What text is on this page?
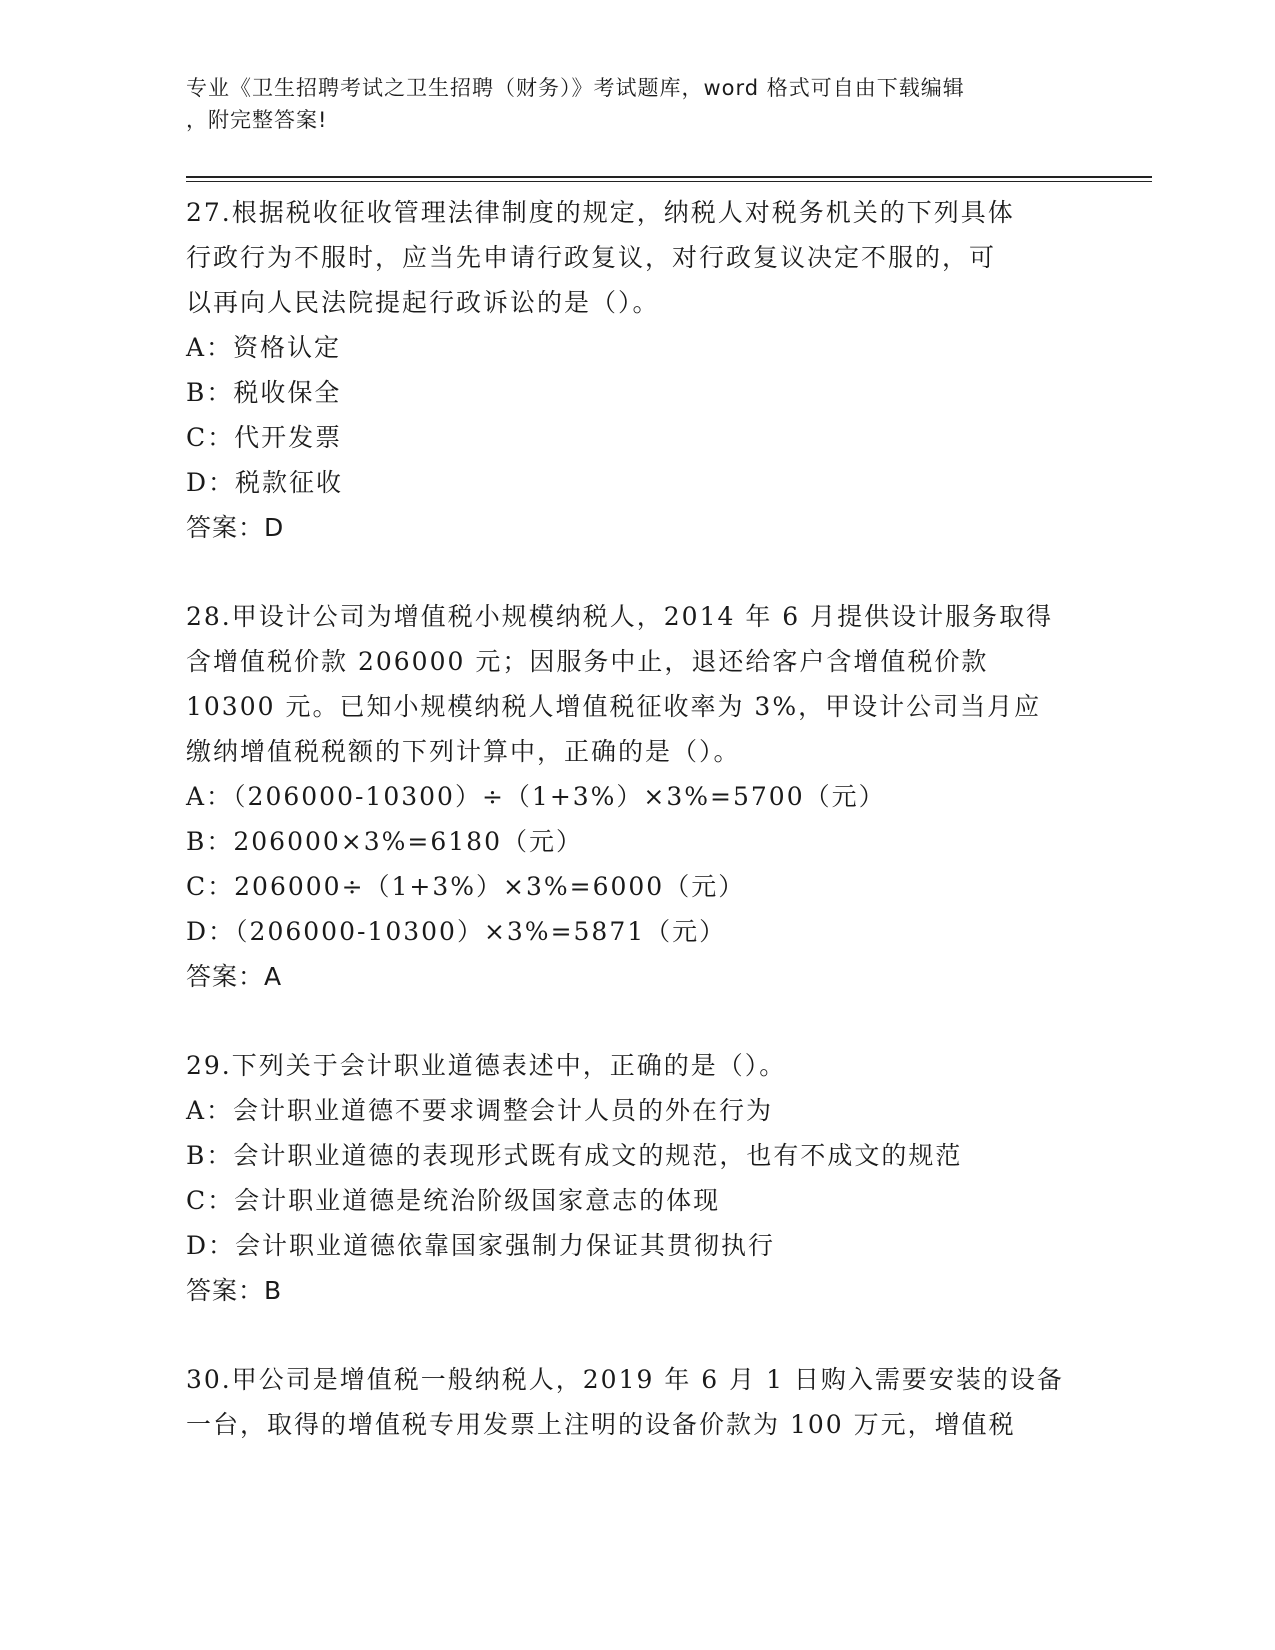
专业《卫生招聘考试之卫生招聘（财务）》考试题库，word 格式可自由下载编辑
，附完整答案!
27.根据税收征收管理法律制度的规定，纳税人对税务机关的下列具体
行政行为不服时，应当先申请行政复议，对行政复议决定不服的，可
以再向人民法院提起行政诉讼的是（）。
A：资格认定
B：税收保全
C：代开发票
D：税款征收
答案：D
28.甲设计公司为增值税小规模纳税人，2014 年 6 月提供设计服务取得
含增值税价款 206000 元；因服务中止，退还给客户含增值税价款
10300 元。已知小规模纳税人增值税征收率为 3%，甲设计公司当月应
缴纳增值税税额的下列计算中，正确的是（）。
A：（206000-10300）÷（1+3%）×3%=5700（元）
B：206000×3%=6180（元）
C：206000÷（1+3%）×3%=6000（元）
D：（206000-10300）×3%=5871（元）
答案：A
29.下列关于会计职业道德表述中，正确的是（）。
A：会计职业道德不要求调整会计人员的外在行为
B：会计职业道德的表现形式既有成文的规范，也有不成文的规范
C：会计职业道德是统治阶级国家意志的体现
D：会计职业道德依靠国家强制力保证其贯彻执行
答案：B
30.甲公司是增值税一般纳税人，2019 年 6 月 1 日购入需要安装的设备
一台，取得的增值税专用发票上注明的设备价款为 100 万元，增值税
